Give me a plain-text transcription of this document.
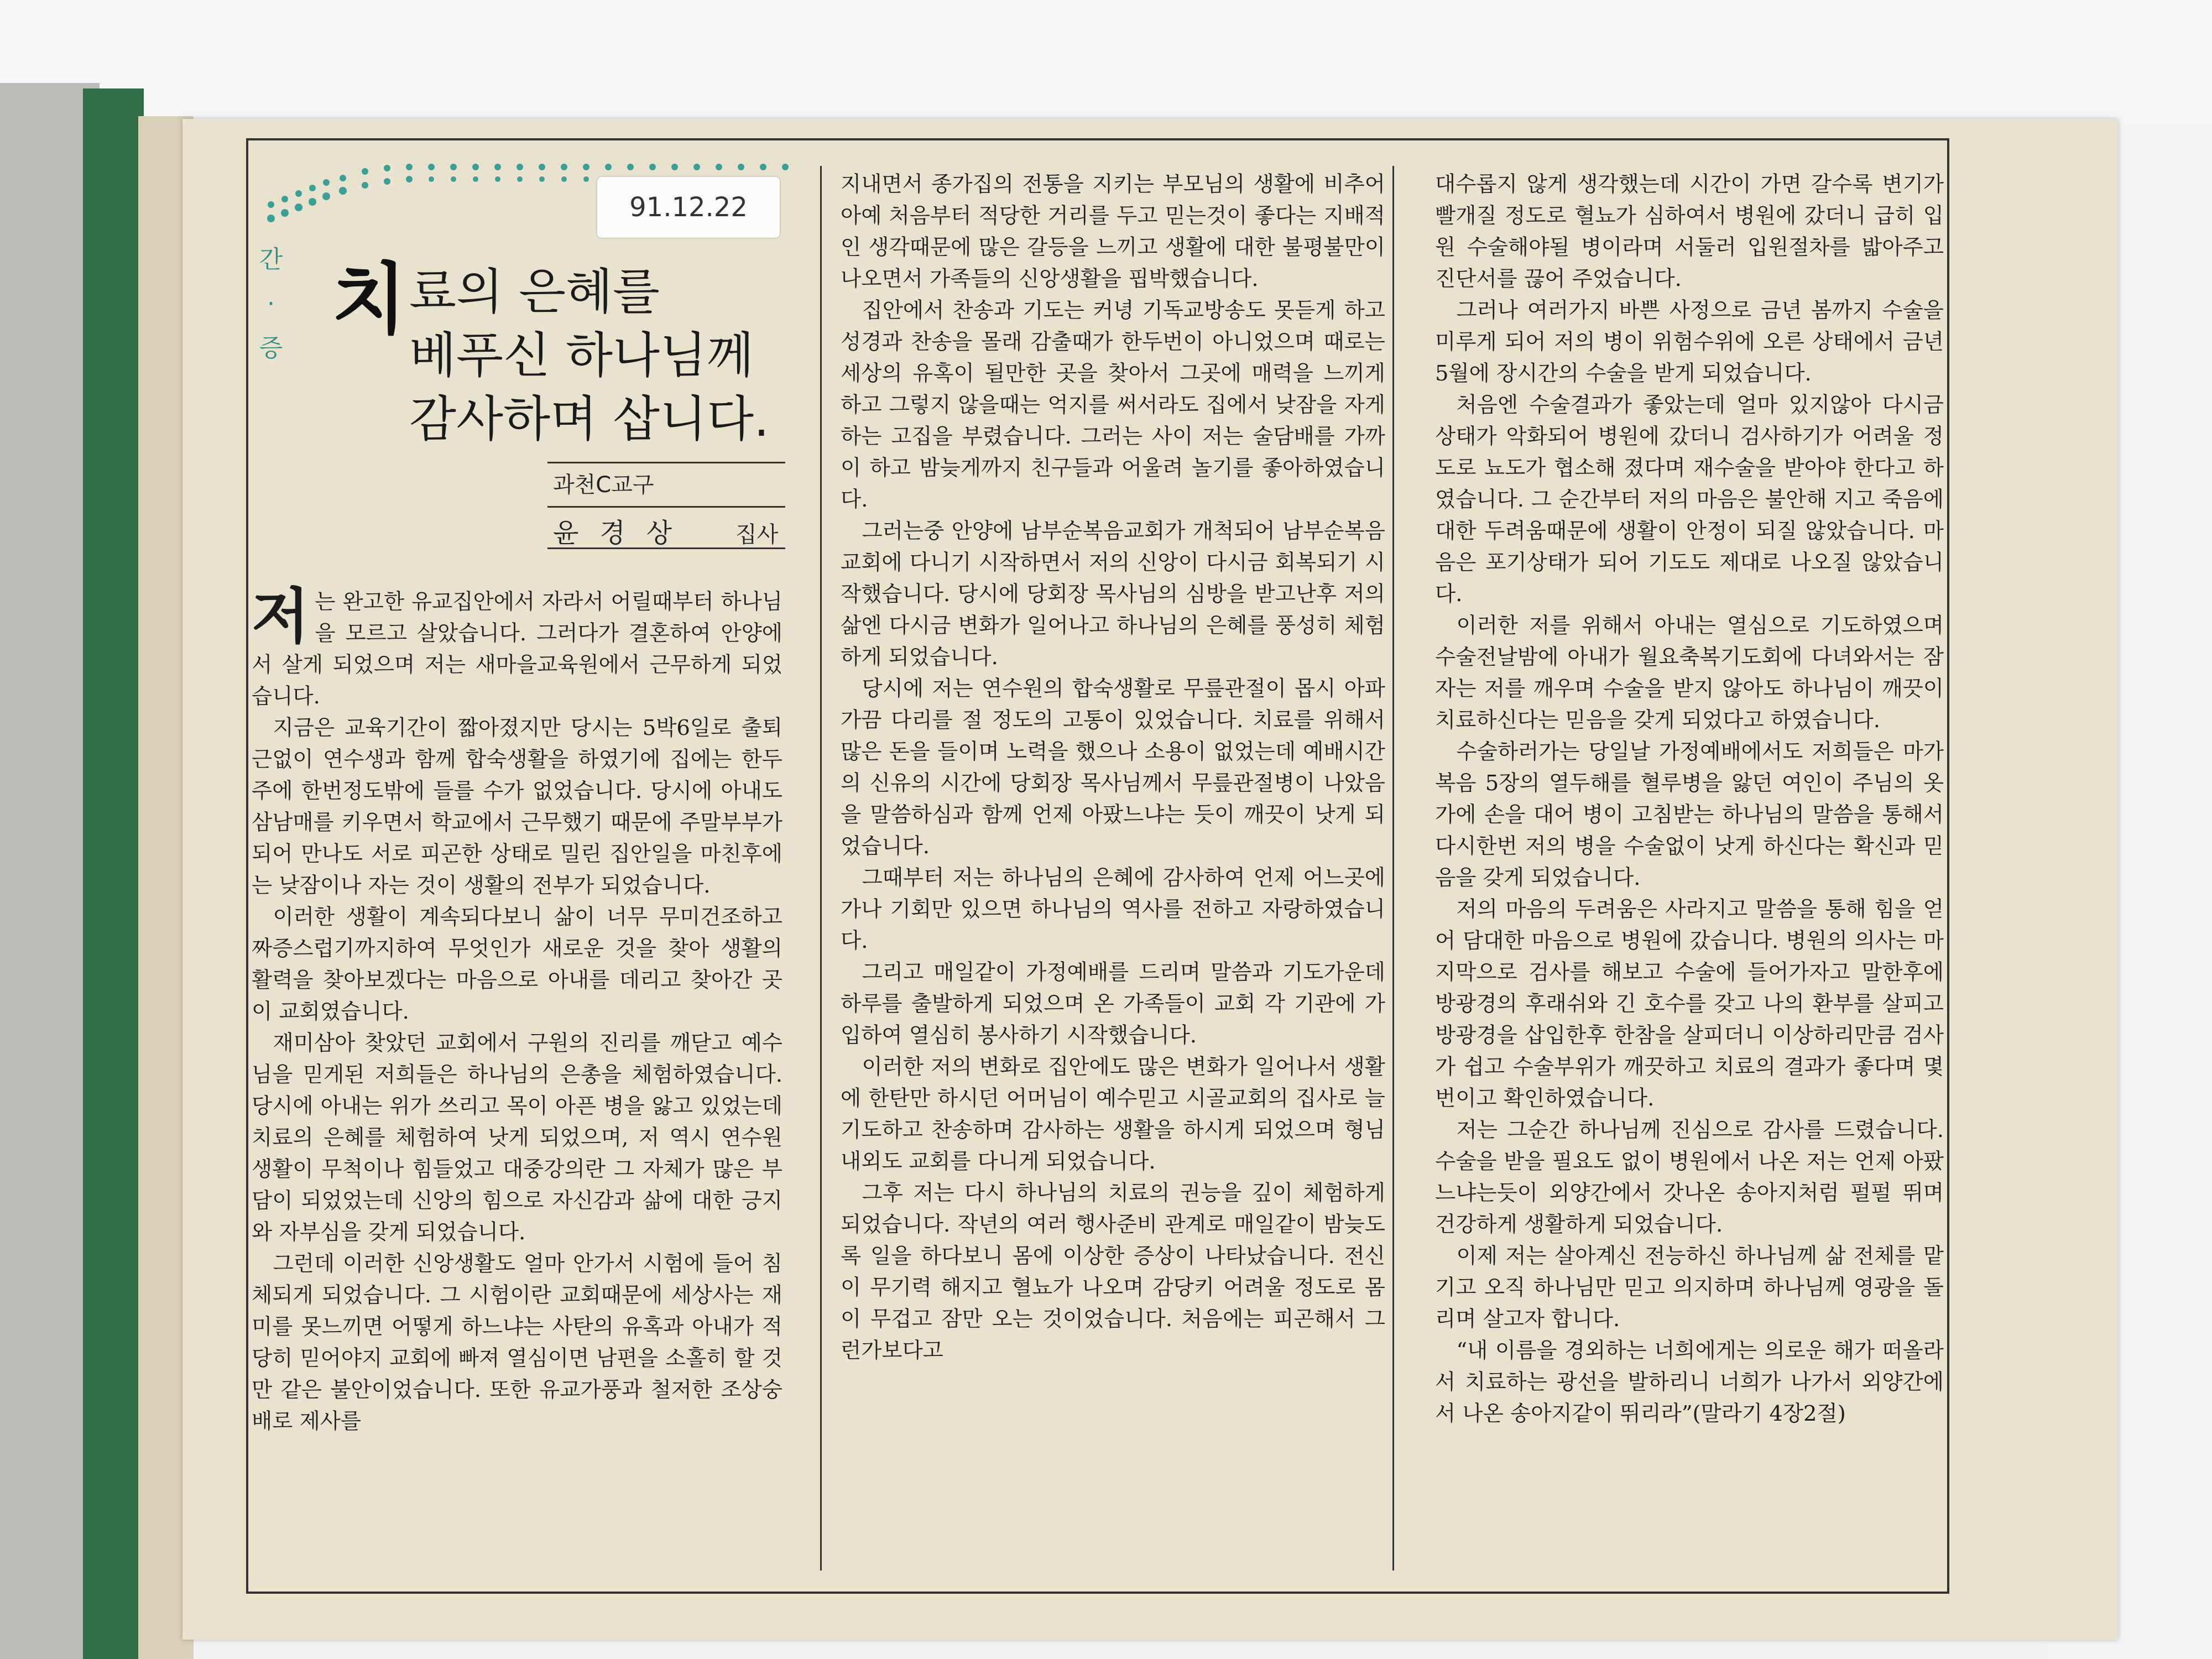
91.12.22
간
·
증
치 료의 은혜를
베푸신 하나님께
감사하며 삽니다.
과천C교구
윤경상 집사

저는 완고한 유교집안에서 자라서 어릴때부터 하나님을 모르고 살았습니다. 그러다가 결혼하여 안양에서 살게 되었으며 저는 새마을교육원에서 근무하게 되었습니다.

지금은 교육기간이 짧아졌지만 당시는 5박6일로 출퇴근없이 연수생과 함께 합숙생활을 하였기에 집에는 한두주에 한번정도밖에 들를 수가 없었습니다. 당시에 아내도 삼남매를 키우면서 학교에서 근무했기 때문에 주말부부가 되어 만나도 서로 피곤한 상태로 밀린 집안일을 마친후에는 낮잠이나 자는 것이 생활의 전부가 되었습니다.

이러한 생활이 계속되다보니 삶이 너무 무미건조하고 짜증스럽기까지하여 무엇인가 새로운 것을 찾아 생활의 활력을 찾아보겠다는 마음으로 아내를 데리고 찾아간 곳이 교회였습니다.

재미삼아 찾았던 교회에서 구원의 진리를 깨닫고 예수님을 믿게된 저희들은 하나님의 은총을 체험하였습니다. 당시에 아내는 위가 쓰리고 목이 아픈 병을 앓고 있었는데 치료의 은혜를 체험하여 낫게 되었으며, 저 역시 연수원 생활이 무척이나 힘들었고 대중강의란 그 자체가 많은 부담이 되었었는데 신앙의 힘으로 자신감과 삶에 대한 긍지와 자부심을 갖게 되었습니다.

그런데 이러한 신앙생활도 얼마 안가서 시험에 들어 침체되게 되었습니다. 그 시험이란 교회때문에 세상사는 재미를 못느끼면 어떻게 하느냐는 사탄의 유혹과 아내가 적당히 믿어야지 교회에 빠져 열심이면 남편을 소홀히 할 것만 같은 불안이었습니다. 또한 유교가풍과 철저한 조상숭배로 제사를

지내면서 종가집의 전통을 지키는 부모님의 생활에 비추어 아예 처음부터 적당한 거리를 두고 믿는것이 좋다는 지배적인 생각때문에 많은 갈등을 느끼고 생활에 대한 불평불만이 나오면서 가족들의 신앙생활을 핍박했습니다.

집안에서 찬송과 기도는 커녕 기독교방송도 못듣게 하고 성경과 찬송을 몰래 감출때가 한두번이 아니었으며 때로는 세상의 유혹이 될만한 곳을 찾아서 그곳에 매력을 느끼게 하고 그렇지 않을때는 억지를 써서라도 집에서 낮잠을 자게하는 고집을 부렸습니다. 그러는 사이 저는 술담배를 가까이 하고 밤늦게까지 친구들과 어울려 놀기를 좋아하였습니다.

그러는중 안양에 남부순복음교회가 개척되어 남부순복음교회에 다니기 시작하면서 저의 신앙이 다시금 회복되기 시작했습니다. 당시에 당회장 목사님의 심방을 받고난후 저의 삶엔 다시금 변화가 일어나고 하나님의 은혜를 풍성히 체험하게 되었습니다.

당시에 저는 연수원의 합숙생활로 무릎관절이 몹시 아파 가끔 다리를 절 정도의 고통이 있었습니다. 치료를 위해서 많은 돈을 들이며 노력을 했으나 소용이 없었는데 예배시간의 신유의 시간에 당회장 목사님께서 무릎관절병이 나았음을 말씀하심과 함께 언제 아팠느냐는 듯이 깨끗이 낫게 되었습니다.

그때부터 저는 하나님의 은혜에 감사하여 언제 어느곳에 가나 기회만 있으면 하나님의 역사를 전하고 자랑하였습니다.

그리고 매일같이 가정예배를 드리며 말씀과 기도가운데 하루를 출발하게 되었으며 온 가족들이 교회 각 기관에 가입하여 열심히 봉사하기 시작했습니다.

이러한 저의 변화로 집안에도 많은 변화가 일어나서 생활에 한탄만 하시던 어머님이 예수믿고 시골교회의 집사로 늘 기도하고 찬송하며 감사하는 생활을 하시게 되었으며 형님 내외도 교회를 다니게 되었습니다.

그후 저는 다시 하나님의 치료의 권능을 깊이 체험하게 되었습니다. 작년의 여러 행사준비 관계로 매일같이 밤늦도록 일을 하다보니 몸에 이상한 증상이 나타났습니다. 전신이 무기력 해지고 혈뇨가 나오며 감당키 어려울 정도로 몸이 무겁고 잠만 오는 것이었습니다. 처음에는 피곤해서 그런가보다고

대수롭지 않게 생각했는데 시간이 가면 갈수록 변기가 빨개질 정도로 혈뇨가 심하여서 병원에 갔더니 급히 입원 수술해야될 병이라며 서둘러 입원절차를 밟아주고 진단서를 끊어 주었습니다.

그러나 여러가지 바쁜 사정으로 금년 봄까지 수술을 미루게 되어 저의 병이 위험수위에 오른 상태에서 금년 5월에 장시간의 수술을 받게 되었습니다.

처음엔 수술결과가 좋았는데 얼마 있지않아 다시금 상태가 악화되어 병원에 갔더니 검사하기가 어려울 정도로 뇨도가 협소해 졌다며 재수술을 받아야 한다고 하였습니다. 그 순간부터 저의 마음은 불안해 지고 죽음에 대한 두려움때문에 생활이 안정이 되질 않았습니다. 마음은 포기상태가 되어 기도도 제대로 나오질 않았습니다.

이러한 저를 위해서 아내는 열심으로 기도하였으며 수술전날밤에 아내가 월요축복기도회에 다녀와서는 잠자는 저를 깨우며 수술을 받지 않아도 하나님이 깨끗이 치료하신다는 믿음을 갖게 되었다고 하였습니다.

수술하러가는 당일날 가정예배에서도 저희들은 마가복음 5장의 열두해를 혈루병을 앓던 여인이 주님의 옷가에 손을 대어 병이 고침받는 하나님의 말씀을 통해서 다시한번 저의 병을 수술없이 낫게 하신다는 확신과 믿음을 갖게 되었습니다.

저의 마음의 두려움은 사라지고 말씀을 통해 힘을 얻어 담대한 마음으로 병원에 갔습니다. 병원의 의사는 마지막으로 검사를 해보고 수술에 들어가자고 말한후에 방광경의 후래쉬와 긴 호수를 갖고 나의 환부를 살피고 방광경을 삽입한후 한참을 살피더니 이상하리만큼 검사가 쉽고 수술부위가 깨끗하고 치료의 결과가 좋다며 몇 번이고 확인하였습니다.

저는 그순간 하나님께 진심으로 감사를 드렸습니다. 수술을 받을 필요도 없이 병원에서 나온 저는 언제 아팠느냐는듯이 외양간에서 갓나온 송아지처럼 펄펄 뛰며 건강하게 생활하게 되었습니다.

이제 저는 살아계신 전능하신 하나님께 삶 전체를 맡기고 오직 하나님만 믿고 의지하며 하나님께 영광을 돌리며 살고자 합니다.

“내 이름을 경외하는 너희에게는 의로운 해가 떠올라서 치료하는 광선을 발하리니 너희가 나가서 외양간에서 나온 송아지같이 뛰리라”(말라기 4장2절)
